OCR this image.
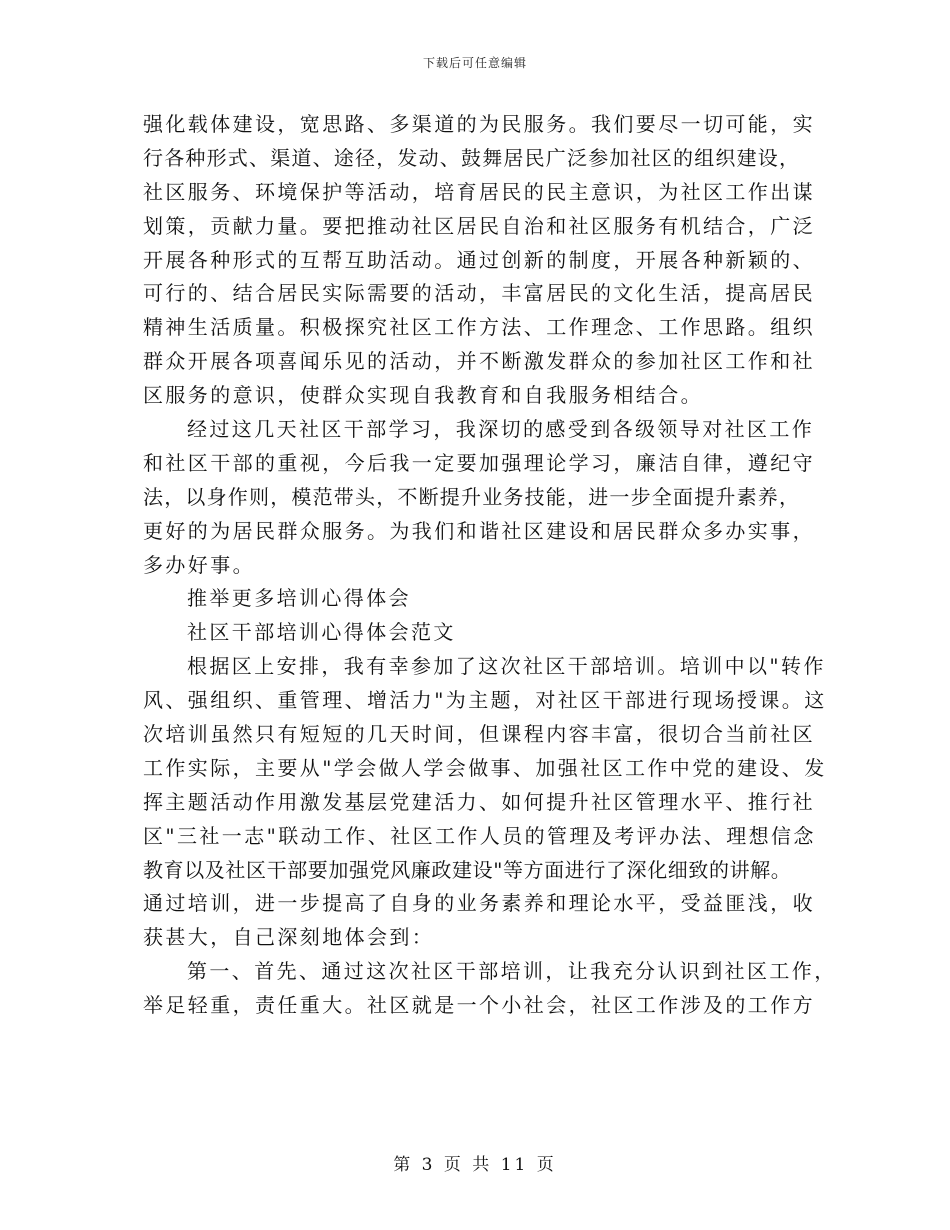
下载后可任意编辑
强化载体建设，宽思路、多渠道的为民服务。我们要尽一切可能，实
行各种形式、渠道、途径，发动、鼓舞居民广泛参加社区的组织建设，
社区服务、环境保护等活动，培育居民的民主意识，为社区工作出谋
划策，贡献力量。要把推动社区居民自治和社区服务有机结合，广泛
开展各种形式的互帮互助活动。通过创新的制度，开展各种新颖的、
可行的、结合居民实际需要的活动，丰富居民的文化生活，提高居民
精神生活质量。积极探究社区工作方法、工作理念、工作思路。组织
群众开展各项喜闻乐见的活动，并不断激发群众的参加社区工作和社
区服务的意识，使群众实现自我教育和自我服务相结合。
经过这几天社区干部学习，我深切的感受到各级领导对社区工作
和社区干部的重视，今后我一定要加强理论学习，廉洁自律，遵纪守
法，以身作则，模范带头，不断提升业务技能，进一步全面提升素养，
更好的为居民群众服务。为我们和谐社区建设和居民群众多办实事，
多办好事。
推举更多培训心得体会
社区干部培训心得体会范文
根据区上安排，我有幸参加了这次社区干部培训。培训中以"转作
风、强组织、重管理、增活力"为主题，对社区干部进行现场授课。这
次培训虽然只有短短的几天时间，但课程内容丰富，很切合当前社区
工作实际，主要从"学会做人学会做事、加强社区工作中党的建设、发
挥主题活动作用激发基层党建活力、如何提升社区管理水平、推行社
区"三社一志"联动工作、社区工作人员的管理及考评办法、理想信念
教育以及社区干部要加强党风廉政建设"等方面进行了深化细致的讲解。
通过培训，进一步提高了自身的业务素养和理论水平，受益匪浅，收
获甚大，自己深刻地体会到：
第一、首先、通过这次社区干部培训，让我充分认识到社区工作，
举足轻重，责任重大。社区就是一个小社会，社区工作涉及的工作方
第 3 页 共 11 页
